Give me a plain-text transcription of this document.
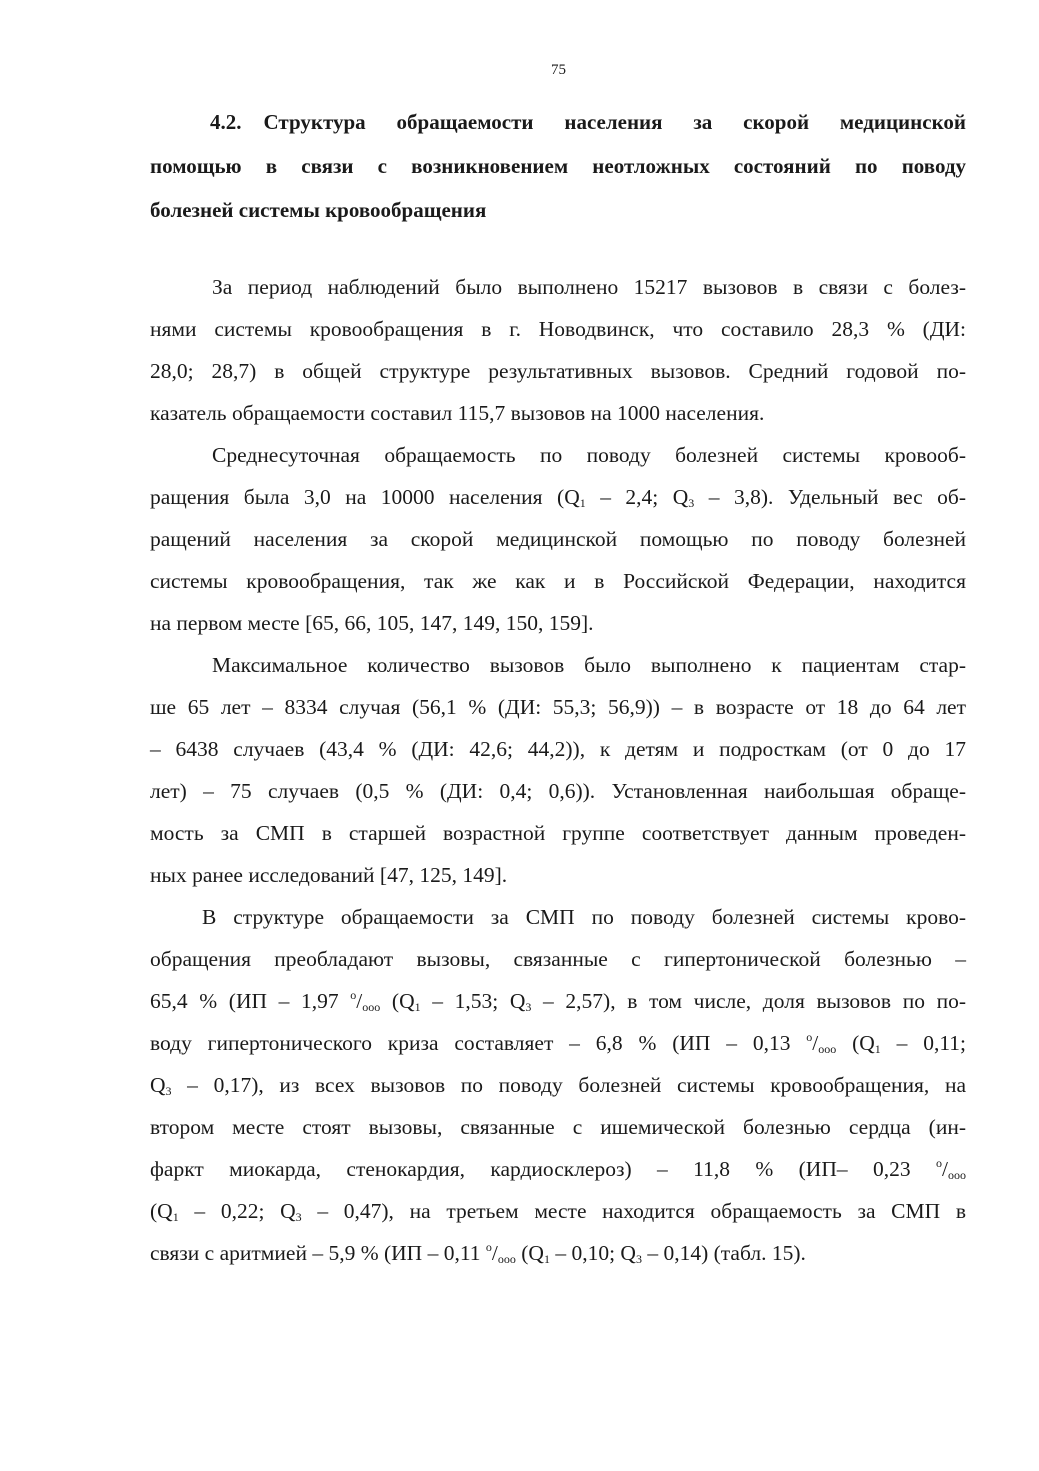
75
4.2. Структура обращаемости населения за скорой медицинской
помощью в связи с возникновением неотложных состояний по поводу
болезней системы кровообращения
За период наблюдений было выполнено 15217 вызовов в связи с болез-
нями системы кровообращения в г. Новодвинск, что составило 28,3 % (ДИ:
28,0; 28,7) в общей структуре результативных вызовов. Средний годовой по-
казатель обращаемости составил 115,7 вызовов на 1000 населения.
Среднесуточная обращаемость по поводу болезней системы кровооб-
ращения была 3,0 на 10000 населения ($Q_1 - 2,4$; $Q_3 - 3,8$). Удельный вес об-
ращений населения за скорой медицинской помощью по поводу болезней
системы кровообращения, так же как и в Российской Федерации, находится
на первом месте [65, 66, 105, 147, 149, 150, 159].
Максимальное количество вызовов было выполнено к пациентам стар-
ше 65 лет – 8334 случая (56,1 % (ДИ: 55,3; 56,9)) – в возрасте от 18 до 64 лет
– 6438 случаев (43,4 % (ДИ: 42,6; 44,2)), к детям и подросткам (от 0 до 17
лет) – 75 случаев (0,5 % (ДИ: 0,4; 0,6)). Установленная наибольшая обраще-
мость за СМП в старшей возрастной группе соответствует данным проведен-
ных ранее исследований [47, 125, 149].
В структуре обращаемости за СМП по поводу болезней системы крово-
обращения преобладают вызовы, связанные с гипертонической болезнью –
65,4 % (ИП – 1,97 $^о/_{ооо}$ ($Q_1 - 1,53$; $Q_3 - 2,57$), в том числе, доля вызовов по по-
воду гипертонического криза составляет – 6,8 % (ИП – 0,13 $^о/_{ооо}$ ($Q_1 - 0,11$;
$Q_3 - 0,17$), из всех вызовов по поводу болезней системы кровообращения, на
втором месте стоят вызовы, связанные с ишемической болезнью сердца (ин-
фаркт миокарда, стенокардия, кардиосклероз) – 11,8 % (ИП– 0,23 $^о/_{ооо}$
($Q_1 - 0,22$; $Q_3 - 0,47$), на третьем месте находится обращаемость за СМП в
связи с аритмией – 5,9 % (ИП – 0,11 $^о/_{ооо}$ ($Q_1 - 0,10$; $Q_3 - 0,14$) (табл. 15).
